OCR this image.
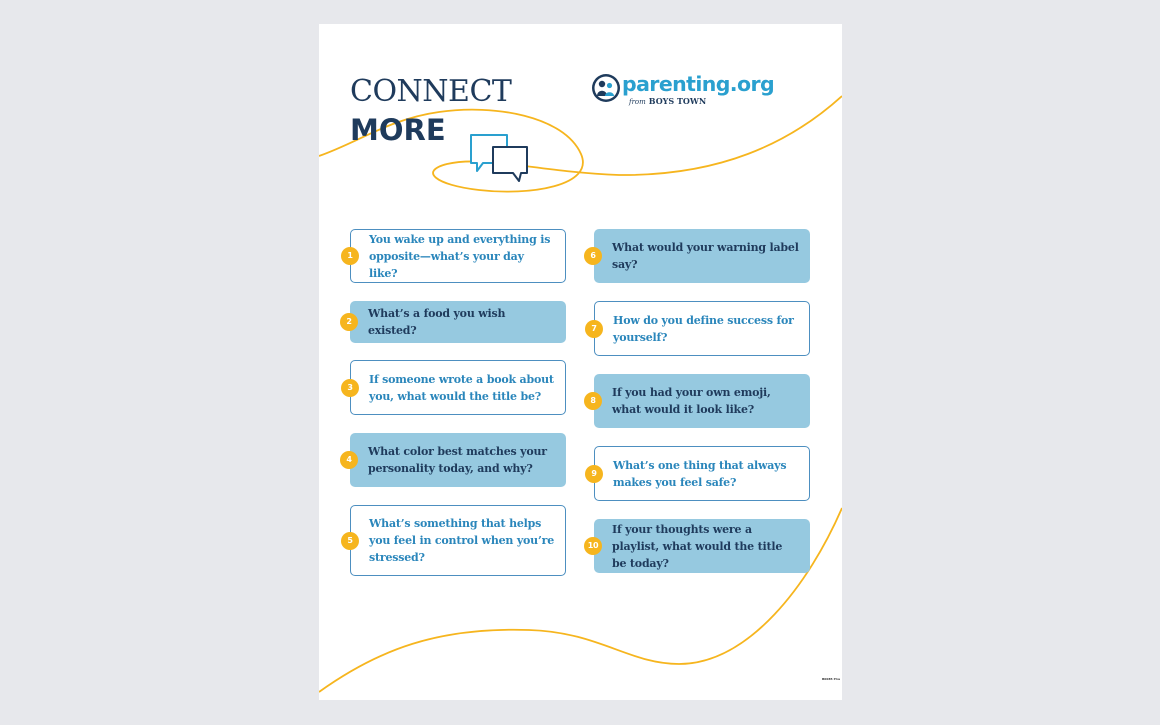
CONNECT
MORE
parenting.org
from BOYS TOWN
1
You wake up and everything is opposite—what’s your day like?
2
What’s a food you wish existed?
3
If someone wrote a book about you, what would the title be?
4
What color best matches your personality today, and why?
5
What’s something that helps you feel in control when you’re stressed?
6
What would your warning label say?
7
How do you define success for yourself?
8
If you had your own emoji, what would it look like?
9
What’s one thing that always makes you feel safe?
10
If your thoughts were a playlist, what would the title be today?
B0085 P1a
